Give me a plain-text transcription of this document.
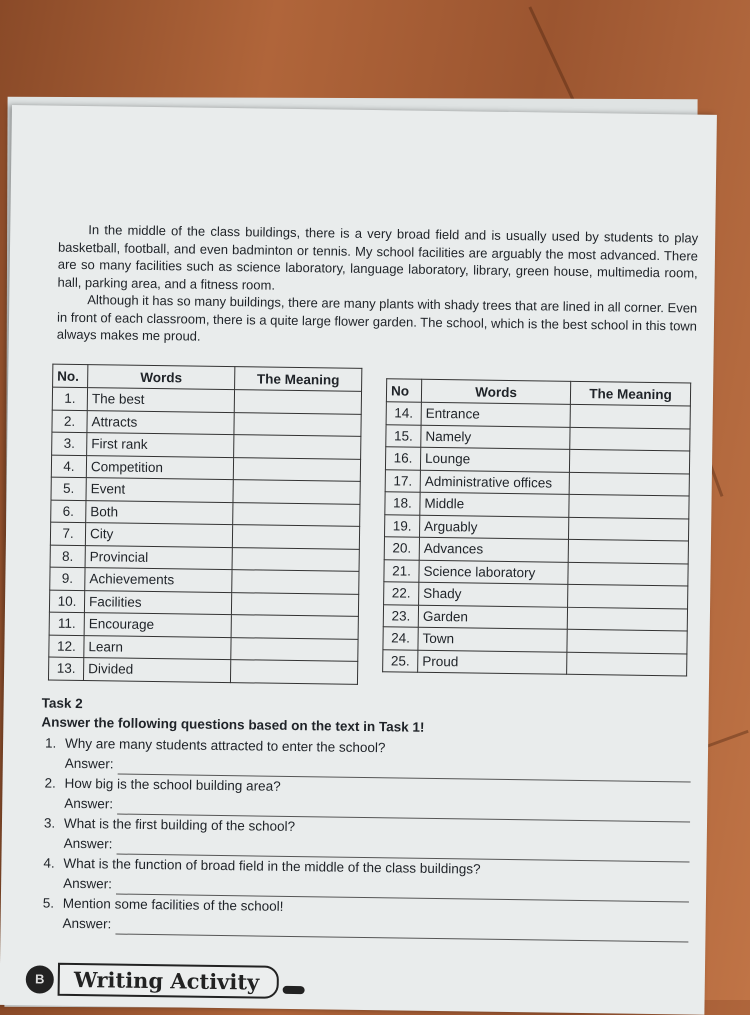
In the middle of the class buildings, there is a very broad field and is usually used by students to play basketball, football, and even badminton or tennis. My school facilities are arguably the most advanced. There are so many facilities such as science laboratory, language laboratory, library, green house, multimedia room, hall, parking area, and a fitness room.

Although it has so many buildings, there are many plants with shady trees that are lined in all corner. Even in front of each classroom, there is a quite large flower garden. The school, which is the best school in this town always makes me proud.

No.	Words	The Meaning
1.	The best	
2.	Attracts	
3.	First rank	
4.	Competition	
5.	Event	
6.	Both	
7.	City	
8.	Provincial	
9.	Achievements	
10.	Facilities	
11.	Encourage	
12.	Learn	
13.	Divided	
No	Words	The Meaning
14.	Entrance	
15.	Namely	
16.	Lounge	
17.	Administrative offices	
18.	Middle	
19.	Arguably	
20.	Advances	
21.	Science laboratory	
22.	Shady	
23.	Garden	
24.	Town	
25.	Proud	

Task 2

Answer the following questions based on the text in Task 1!

1. Why are many students attracted to enter the school?

Answer:

2. How big is the school building area?

Answer:

3. What is the first building of the school?

Answer:

4. What is the function of broad field in the middle of the class buildings?

Answer:

5. Mention some facilities of the school!

Answer:
B	Writing Activity
